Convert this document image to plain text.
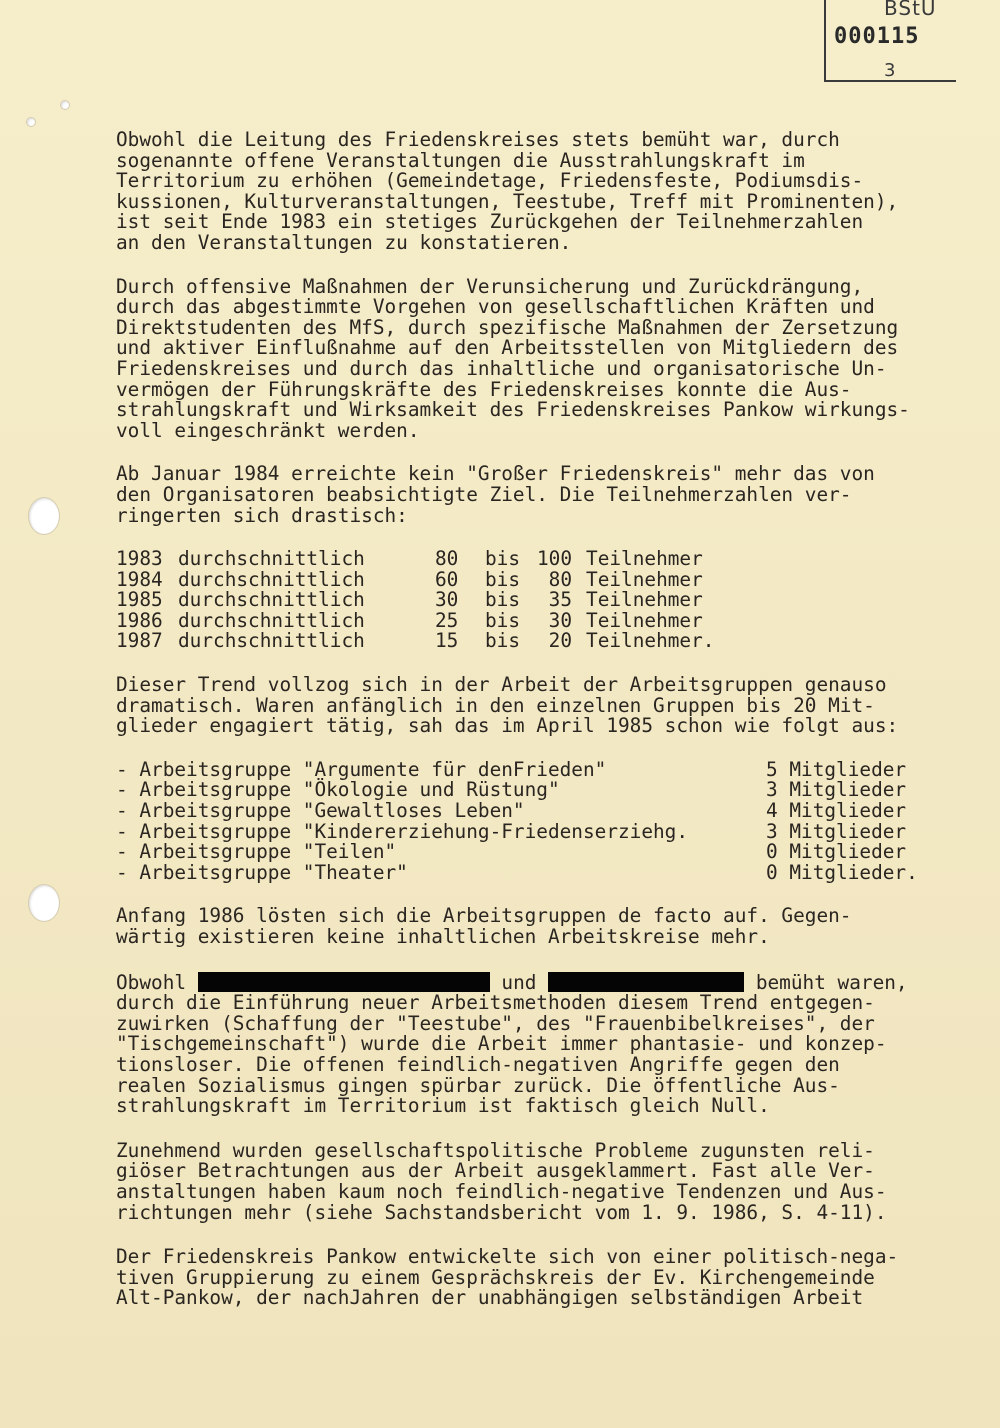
BStU
000115
3

Obwohl die Leitung des Friedenskreises stets bemüht war, durch

sogenannte offene Veranstaltungen die Ausstrahlungskraft im

Territorium zu erhöhen (Gemeindetage, Friedensfeste, Podiumsdis-

kussionen, Kulturveranstaltungen, Teestube, Treff mit Prominenten),

ist seit Ende 1983 ein stetiges Zurückgehen der Teilnehmerzahlen

an den Veranstaltungen zu konstatieren.

Durch offensive Maßnahmen der Verunsicherung und Zurückdrängung,

durch das abgestimmte Vorgehen von gesellschaftlichen Kräften und

Direktstudenten des MfS, durch spezifische Maßnahmen der Zersetzung

und aktiver Einflußnahme auf den Arbeitsstellen von Mitgliedern des

Friedenskreises und durch das inhaltliche und organisatorische Un-

vermögen der Führungskräfte des Friedenskreises konnte die Aus-

strahlungskraft und Wirksamkeit des Friedenskreises Pankow wirkungs-

voll eingeschränkt werden.

Ab Januar 1984 erreichte kein "Großer Friedenskreis" mehr das von

den Organisatoren beabsichtigte Ziel. Die Teilnehmerzahlen ver-

ringerten sich drastisch:

1983 durchschnittlich	80 bis 100 Teilnehmer
1984 durchschnittlich	60 bis 80 Teilnehmer
1985 durchschnittlich	30 bis 35 Teilnehmer
1986 durchschnittlich	25 bis 30 Teilnehmer
1987 durchschnittlich	15 bis 20 Teilnehmer.

Dieser Trend vollzog sich in der Arbeit der Arbeitsgruppen genauso

dramatisch. Waren anfänglich in den einzelnen Gruppen bis 20 Mit-

glieder engagiert tätig, sah das im April 1985 schon wie folgt aus:

- Arbeitsgruppe "Argumente für denFrieden"	5 Mitglieder
- Arbeitsgruppe "Ökologie und Rüstung"	3 Mitglieder
- Arbeitsgruppe "Gewaltloses Leben"	4 Mitglieder
- Arbeitsgruppe "Kindererziehung-Friedenserziehg.	3 Mitglieder
- Arbeitsgruppe "Teilen"	0 Mitglieder
- Arbeitsgruppe "Theater"	0 Mitglieder.

Anfang 1986 lösten sich die Arbeitsgruppen de facto auf. Gegen-

wärtig existieren keine inhaltlichen Arbeitskreise mehr.

Obwohl	und	bemüht waren,

durch die Einführung neuer Arbeitsmethoden diesem Trend entgegen-

zuwirken (Schaffung der "Teestube", des "Frauenbibelkreises", der

"Tischgemeinschaft") wurde die Arbeit immer phantasie- und konzep-

tionsloser. Die offenen feindlich-negativen Angriffe gegen den

realen Sozialismus gingen spürbar zurück. Die öffentliche Aus-

strahlungskraft im Territorium ist faktisch gleich Null.

Zunehmend wurden gesellschaftspolitische Probleme zugunsten reli-

giöser Betrachtungen aus der Arbeit ausgeklammert. Fast alle Ver-

anstaltungen haben kaum noch feindlich-negative Tendenzen und Aus-

richtungen mehr (siehe Sachstandsbericht vom 1. 9. 1986, S. 4-11).

Der Friedenskreis Pankow entwickelte sich von einer politisch-nega-

tiven Gruppierung zu einem Gesprächskreis der Ev. Kirchengemeinde

Alt-Pankow, der nachJahren der unabhängigen selbständigen Arbeit
